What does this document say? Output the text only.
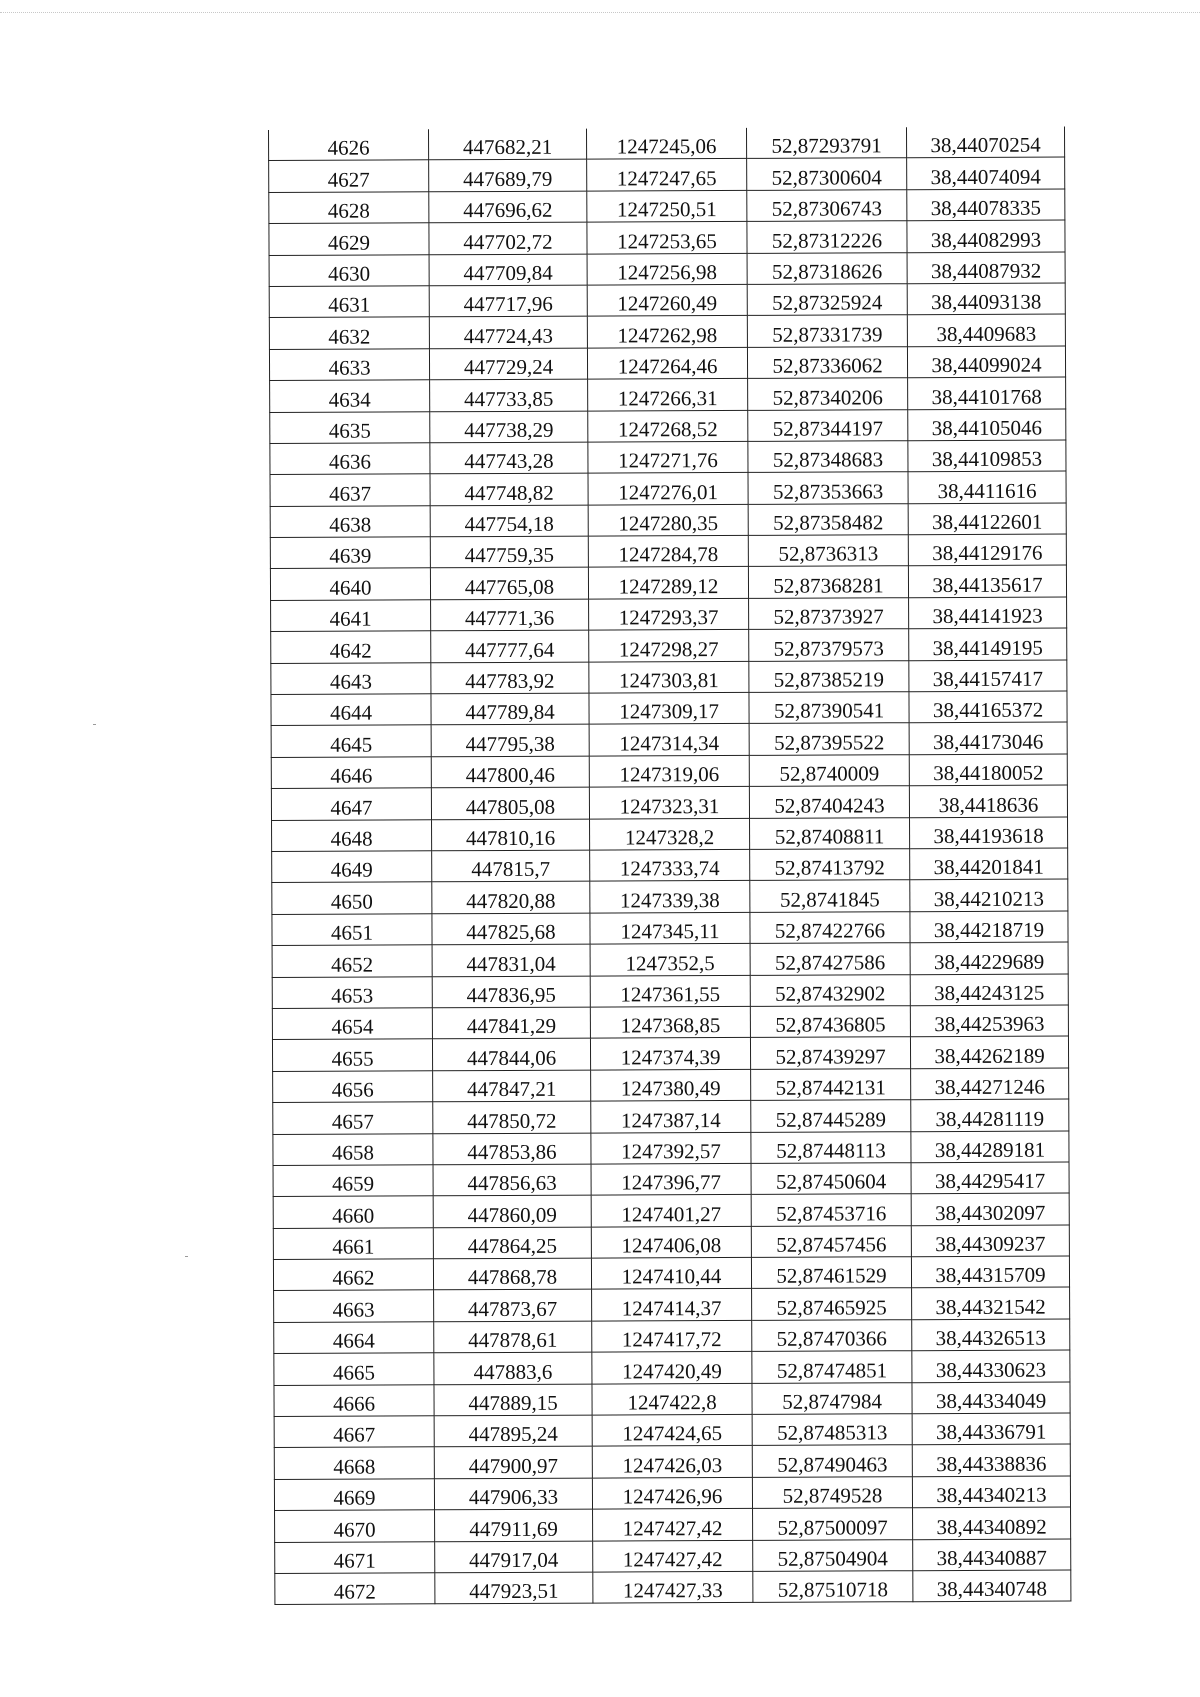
4626	447682,21	1247245,06	52,87293791	38,44070254
4627	447689,79	1247247,65	52,87300604	38,44074094
4628	447696,62	1247250,51	52,87306743	38,44078335
4629	447702,72	1247253,65	52,87312226	38,44082993
4630	447709,84	1247256,98	52,87318626	38,44087932
4631	447717,96	1247260,49	52,87325924	38,44093138
4632	447724,43	1247262,98	52,87331739	38,4409683
4633	447729,24	1247264,46	52,87336062	38,44099024
4634	447733,85	1247266,31	52,87340206	38,44101768
4635	447738,29	1247268,52	52,87344197	38,44105046
4636	447743,28	1247271,76	52,87348683	38,44109853
4637	447748,82	1247276,01	52,87353663	38,4411616
4638	447754,18	1247280,35	52,87358482	38,44122601
4639	447759,35	1247284,78	52,8736313	38,44129176
4640	447765,08	1247289,12	52,87368281	38,44135617
4641	447771,36	1247293,37	52,87373927	38,44141923
4642	447777,64	1247298,27	52,87379573	38,44149195
4643	447783,92	1247303,81	52,87385219	38,44157417
4644	447789,84	1247309,17	52,87390541	38,44165372
4645	447795,38	1247314,34	52,87395522	38,44173046
4646	447800,46	1247319,06	52,8740009	38,44180052
4647	447805,08	1247323,31	52,87404243	38,4418636
4648	447810,16	1247328,2	52,87408811	38,44193618
4649	447815,7	1247333,74	52,87413792	38,44201841
4650	447820,88	1247339,38	52,8741845	38,44210213
4651	447825,68	1247345,11	52,87422766	38,44218719
4652	447831,04	1247352,5	52,87427586	38,44229689
4653	447836,95	1247361,55	52,87432902	38,44243125
4654	447841,29	1247368,85	52,87436805	38,44253963
4655	447844,06	1247374,39	52,87439297	38,44262189
4656	447847,21	1247380,49	52,87442131	38,44271246
4657	447850,72	1247387,14	52,87445289	38,44281119
4658	447853,86	1247392,57	52,87448113	38,44289181
4659	447856,63	1247396,77	52,87450604	38,44295417
4660	447860,09	1247401,27	52,87453716	38,44302097
4661	447864,25	1247406,08	52,87457456	38,44309237
4662	447868,78	1247410,44	52,87461529	38,44315709
4663	447873,67	1247414,37	52,87465925	38,44321542
4664	447878,61	1247417,72	52,87470366	38,44326513
4665	447883,6	1247420,49	52,87474851	38,44330623
4666	447889,15	1247422,8	52,8747984	38,44334049
4667	447895,24	1247424,65	52,87485313	38,44336791
4668	447900,97	1247426,03	52,87490463	38,44338836
4669	447906,33	1247426,96	52,8749528	38,44340213
4670	447911,69	1247427,42	52,87500097	38,44340892
4671	447917,04	1247427,42	52,87504904	38,44340887
4672	447923,51	1247427,33	52,87510718	38,44340748
